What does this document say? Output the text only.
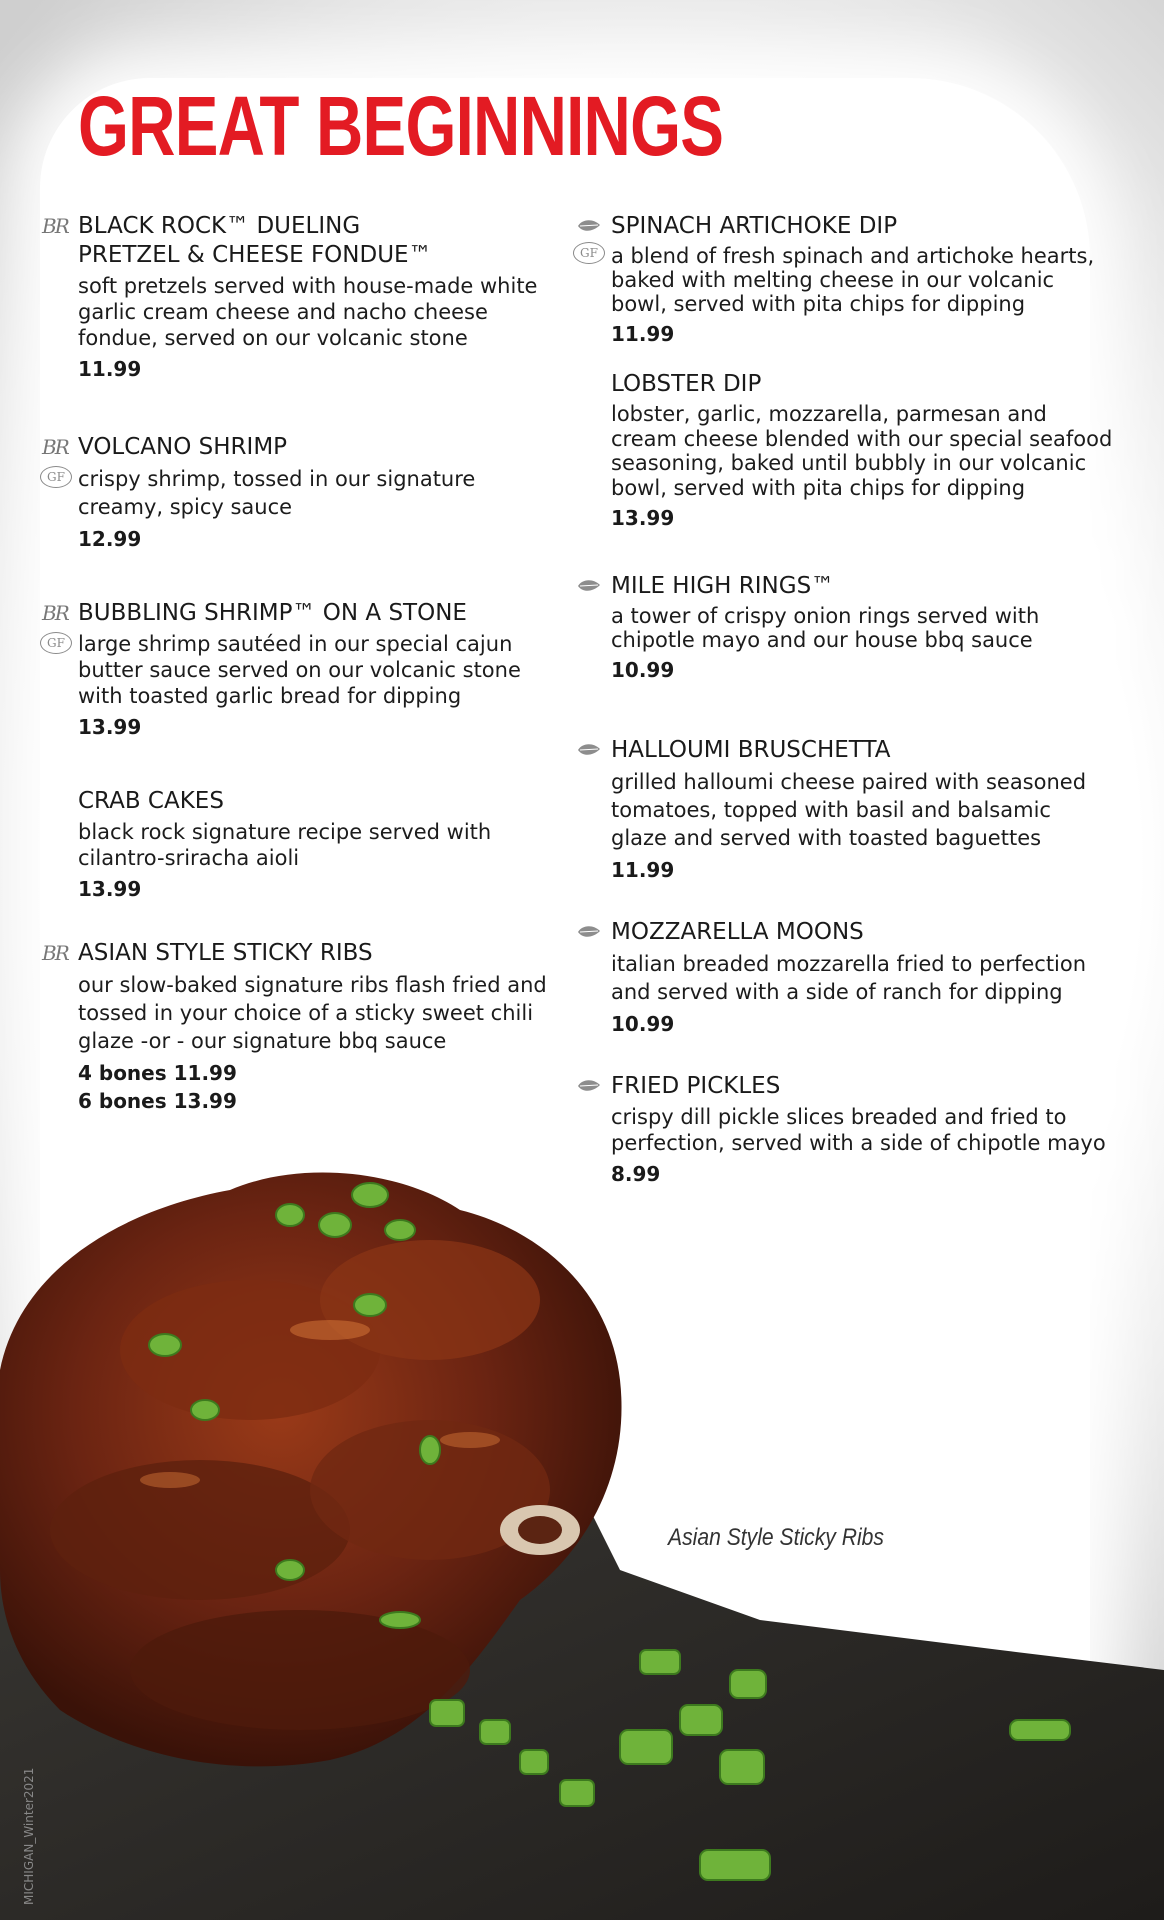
GREAT BEGINNINGS
BR BLACK ROCK™ DUELING
PRETZEL & CHEESE FONDUE™
soft pretzels served with house-made white garlic cream cheese and nacho cheese fondue, served on our volcanic stone
11.99
BR
GF
VOLCANO SHRIMP
crispy shrimp, tossed in our signature creamy, spicy sauce
12.99
BR
GF
BUBBLING SHRIMP™ ON A STONE
large shrimp sautéed in our special cajun butter sauce served on our volcanic stone with toasted garlic bread for dipping
13.99
CRAB CAKES
black rock signature recipe served with cilantro-sriracha aioli
13.99
BR ASIAN STYLE STICKY RIBS
our slow-baked signature ribs flash fried and tossed in your choice of a sticky sweet chili glaze -or - our signature bbq sauce
4 bones 11.99
6 bones 13.99
GF
SPINACH ARTICHOKE DIP
a blend of fresh spinach and artichoke hearts, baked with melting cheese in our volcanic bowl, served with pita chips for dipping
11.99
LOBSTER DIP
lobster, garlic, mozzarella, parmesan and cream cheese blended with our special seafood seasoning, baked until bubbly in our volcanic bowl, served with pita chips for dipping
13.99
MILE HIGH RINGS™
a tower of crispy onion rings served with chipotle mayo and our house bbq sauce
10.99
HALLOUMI BRUSCHETTA
grilled halloumi cheese paired with seasoned tomatoes, topped with basil and balsamic glaze and served with toasted baguettes
11.99
MOZZARELLA MOONS
italian breaded mozzarella fried to perfection and served with a side of ranch for dipping
10.99
FRIED PICKLES
crispy dill pickle slices breaded and fried to perfection, served with a side of chipotle mayo
8.99
Asian Style Sticky Ribs
MICHIGAN_Winter2021
